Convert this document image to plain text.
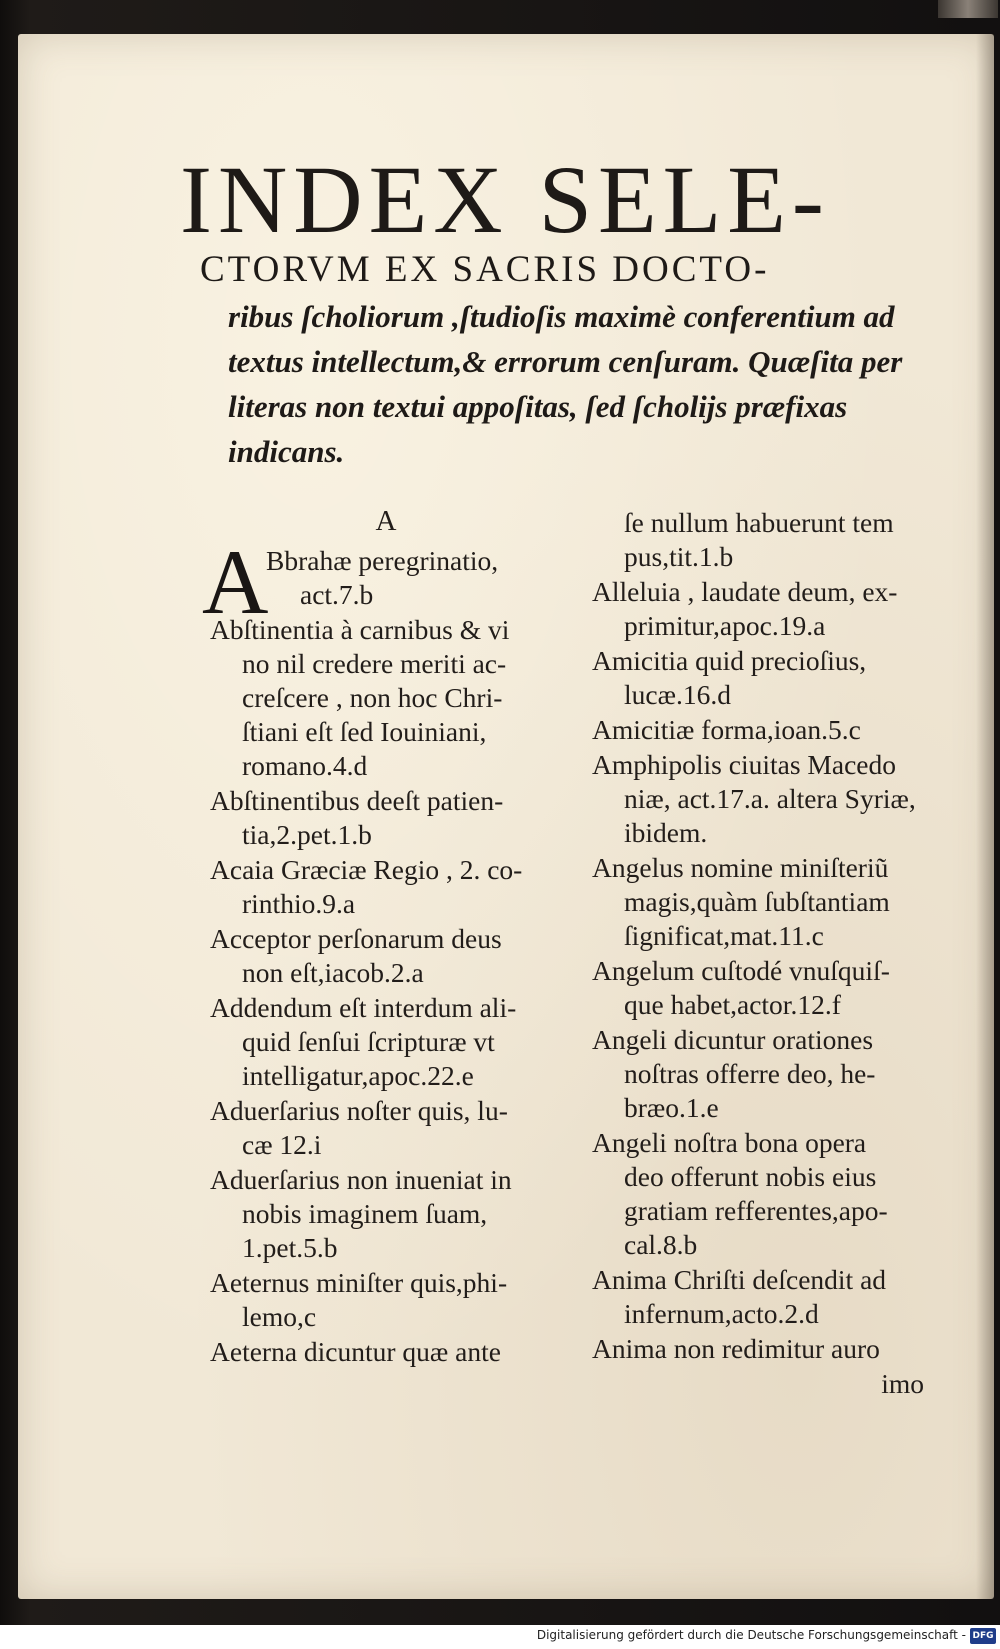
INDEX SELE-
CTORVM EX SACRIS DOCTO-
ribus ſcholiorum ,ſtudioſis maximè conferentium ad textus intellectum,& errorum cenſuram. Quæſita per literas non textui appoſitas, ſed ſcholijs præfixas indicans.
A
A
Bbrahæ peregrinatio,
act.7.b
Abſtinentia à carnibus & vi
no nil credere meriti ac-
creſcere , non hoc Chri-
ſtiani eſt ſed Iouiniani,
romano.4.d
Abſtinentibus deeſt patien-
tia,2.pet.1.b
Acaia Græciæ Regio , 2. co-
rinthio.9.a
Acceptor perſonarum deus
non eſt,iacob.2.a
Addendum eſt interdum ali-
quid ſenſui ſcripturæ vt
intelligatur,apoc.22.e
Aduerſarius noſter quis, lu-
cæ 12.i
Aduerſarius non inueniat in
nobis imaginem ſuam,
1.pet.5.b
Aeternus miniſter quis,phi-
lemo,c
Aeterna dicuntur quæ ante
ſe nullum habuerunt tem
pus,tit.1.b
Alleluia , laudate deum, ex-
primitur,apoc.19.a
Amicitia quid precioſius,
lucæ.16.d
Amicitiæ forma,ioan.5.c
Amphipolis ciuitas Macedo
niæ, act.17.a. altera Syriæ,
ibidem.
Angelus nomine miniſteriũ
magis,quàm ſubſtantiam
ſignificat,mat.11.c
Angelum cuſtodé vnuſquiſ-
que habet,actor.12.f
Angeli dicuntur orationes
noſtras offerre deo, he-
bræo.1.e
Angeli noſtra bona opera
deo offerunt nobis eius
gratiam refferentes,apo-
cal.8.b
Anima Chriſti deſcendit ad
infernum,acto.2.d
Anima non redimitur auro
imo
Digitalisierung gefördert durch die Deutsche Forschungsgemeinschaft - DFG
